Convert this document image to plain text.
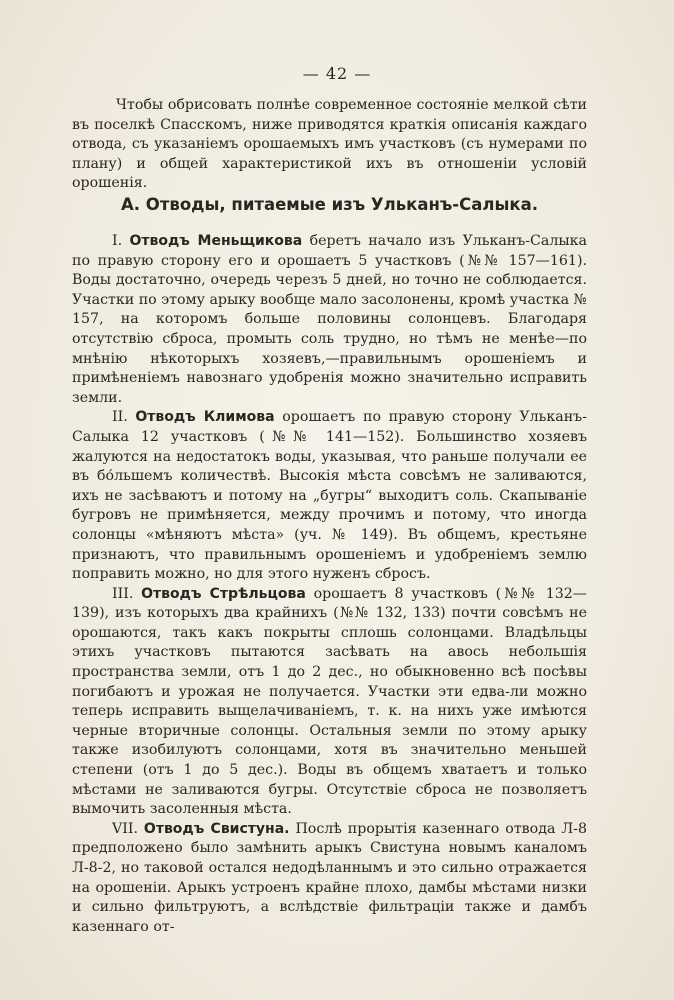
— 42 —
Чтобы обрисовать полнѣе современное состоянiе мелкой сѣти въ поселкѣ Спасскомъ, ниже приводятся краткiя описанiя каждаго отвода, съ указанiемъ орошаемыхъ имъ участковъ (съ нумерами по плану) и общей характеристикой ихъ въ отношенiи условiй орошенiя.
А. Отводы, питаемые изъ Ульканъ-Салыка.

I. Отводъ Меньщикова беретъ начало изъ Ульканъ-Салыка по правую сторону его и орошаетъ 5 участковъ (№№ 157—161). Воды достаточно, очередь черезъ 5 дней, но точно не соблюдается. Участки по этому арыку вообще мало засолонены, кромѣ участка № 157, на которомъ больше половины солонцевъ. Благодаря отсутствiю сброса, промыть соль трудно, но тѣмъ не менѣе—по мнѣнiю нѣкоторыхъ хозяевъ,—правильнымъ орошенiемъ и примѣненiемъ навознаго удобренiя можно значительно исправить земли.

II. Отводъ Климова орошаетъ по правую сторону Ульканъ-Салыка 12 участковъ (№№ 141—152). Большинство хозяевъ жалуются на недостатокъ воды, указывая, что раньше получали ее въ бо́льшемъ количествѣ. Высокiя мѣста совсѣмъ не заливаются, ихъ не засѣваютъ и потому на „бугры“ выходитъ соль. Скапыванiе бугровъ не примѣняется, между прочимъ и потому, что иногда солонцы «мѣняютъ мѣста» (уч. № 149). Въ общемъ, крестьяне признаютъ, что правильнымъ орошенiемъ и удобренiемъ землю поправить можно, но для этого нуженъ сбросъ.

III. Отводъ Стрѣльцова орошаетъ 8 участковъ (№№ 132—139), изъ которыхъ два крайнихъ (№№ 132, 133) почти совсѣмъ не орошаются, такъ какъ покрыты сплошь солонцами. Владѣльцы этихъ участковъ пытаются засѣвать на авось небольшiя пространства земли, отъ 1 до 2 дес., но обыкновенно всѣ посѣвы погибаютъ и урожая не получается. Участки эти едва-ли можно теперь исправить выщелачиванiемъ, т. к. на нихъ уже имѣются черные вторичные солонцы. Остальныя земли по этому арыку также изобилуютъ солонцами, хотя въ значительно меньшей степени (отъ 1 до 5 дес.). Воды въ общемъ хватаетъ и только мѣстами не заливаются бугры. Отсутствiе сброса не позволяетъ вымочить засоленныя мѣста.

VII. Отводъ Свистуна. Послѣ прорытiя казеннаго отвода Л-8 предположено было замѣнить арыкъ Свистуна новымъ каналомъ Л-8-2, но таковой остался недодѣланнымъ и это сильно отражается на орошенiи. Арыкъ устроенъ крайне плохо, дамбы мѣстами низки и сильно фильтруютъ, а вслѣдствiе фильтрацiи также и дамбъ казеннаго от-
